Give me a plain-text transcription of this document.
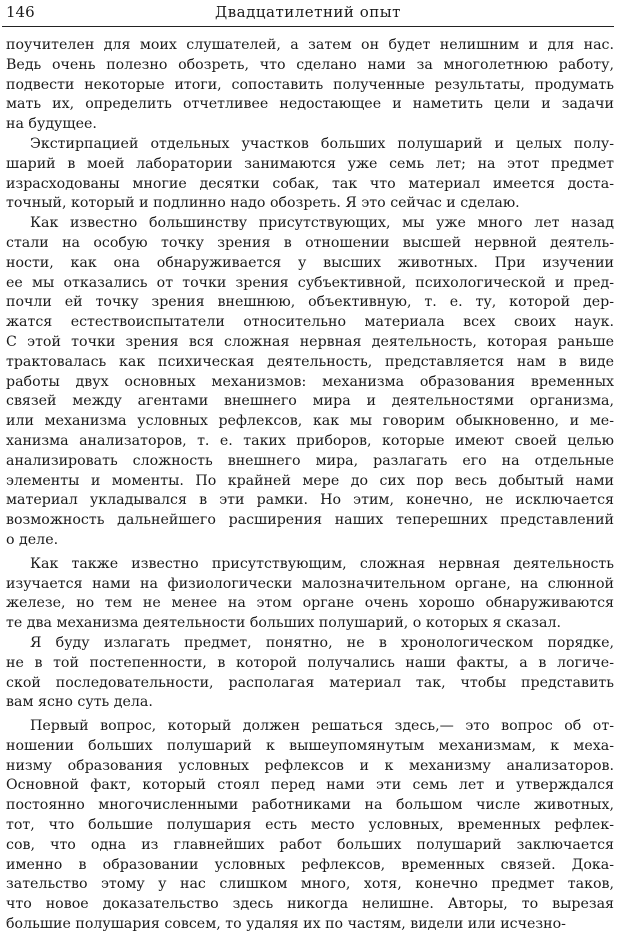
146	Двадцатилетний опыт
поучителен для моих слушателей, а затем он будет нелишним и для нас.
Ведь очень полезно обозреть, что сделано нами за многолетнюю работу,
подвести некоторые итоги, сопоставить полученные результаты, продумать
мать их, определить отчетливее недостающее и наметить цели и задачи
на будущее.
Экстирпацией отдельных участков больших полушарий и целых полу-
шарий в моей лаборатории занимаются уже семь лет; на этот предмет
израсходованы многие десятки собак, так что материал имеется доста-
точный, который и подлинно надо обозреть. Я это сейчас и сделаю.
Как известно большинству присутствующих, мы уже много лет назад
стали на особую точку зрения в отношении высшей нервной деятель-
ности, как она обнаруживается у высших животных. При изучении
ее мы отказались от точки зрения субъективной, психологической и пред-
почли ей точку зрения внешнюю, объективную, т. е. ту, которой дер-
жатся естествоиспытатели относительно материала всех своих наук.
С этой точки зрения вся сложная нервная деятельность, которая раньше
трактовалась как психическая деятельность, представляется нам в виде
работы двух основных механизмов: механизма образования временных
связей между агентами внешнего мира и деятельностями организма,
или механизма условных рефлексов, как мы говорим обыкновенно, и ме-
ханизма анализаторов, т. е. таких приборов, которые имеют своей целью
анализировать сложность внешнего мира, разлагать его на отдельные
элементы и моменты. По крайней мере до сих пор весь добытый нами
материал укладывался в эти рамки. Но этим, конечно, не исключается
возможность дальнейшего расширения наших теперешних представлений
о деле.
Как также известно присутствующим, сложная нервная деятельность
изучается нами на физиологически малозначительном органе, на слюнной
железе, но тем не менее на этом органе очень хорошо обнаруживаются
те два механизма деятельности больших полушарий, о которых я сказал.
Я буду излагать предмет, понятно, не в хронологическом порядке,
не в той постепенности, в которой получались наши факты, а в логиче-
ской последовательности, располагая материал так, чтобы представить
вам ясно суть дела.
Первый вопрос, который должен решаться здесь,— это вопрос об от-
ношении больших полушарий к вышеупомянутым механизмам, к меха-
низму образования условных рефлексов и к механизму анализаторов.
Основной факт, который стоял перед нами эти семь лет и утверждался
постоянно многочисленными работниками на большом числе животных,
тот, что большие полушария есть место условных, временных рефлек-
сов, что одна из главнейших работ больших полушарий заключается
именно в образовании условных рефлексов, временных связей. Дока-
зательство этому у нас слишком много, хотя, конечно предмет таков,
что новое доказательство здесь никогда нелишне. Авторы, то вырезая
большие полушария совсем, то удаляя их по частям, видели или исчезно-
